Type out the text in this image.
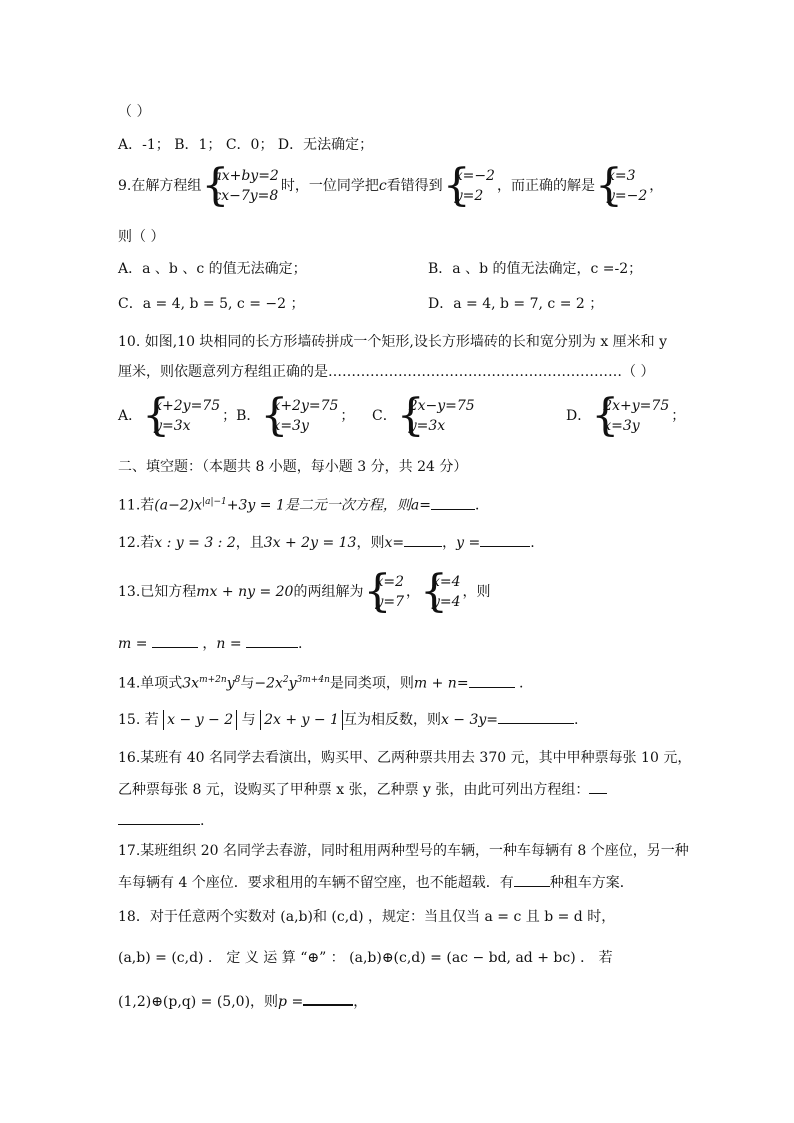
（ ）
A．-1； B．1； C．0； D．无法确定；
9.在解方程组
{ ax+by=2
cx−7y=8
时，一位同学把c看错得到
{ x=−2
y=2
，而正确的解是
{ x=3
y=−2
，
则（ ）
A．a 、b 、c 的值无法确定；	B．a 、b 的值无法确定，c =-2；
C．a = 4, b = 5, c = −2 ；	D．a = 4, b = 7, c = 2 ；
10. 如图,10 块相同的长方形墙砖拼成一个矩形,设长方形墙砖的长和宽分别为 x 厘米和 y
厘米，则依题意列方程组正确的是………………………………………………………（ ）
A．
{ x+2y=75
y=3x
；B．
{ x+2y=75
x=3y
； C．
{ 2x−y=75
y=3x
D．
{ 2x+y=75
x=3y
；
二、填空题：（本题共 8 小题，每小题 3 分，共 24 分）
11.若$(a-2)x^{|a|-1}+3y = 1$是二元一次方程，则a=	．
12.若x : y = 3 : 2，且3x + 2y = 13，则x=	，y =	.
13.已知方程mx + ny = 20的两组解为
{ x=2
y=7
，
{ x=4
y=4
，则
m =	，n =	.
14.单项式$3x^{m+2n}y^8$与$-2x^2y^{3m+4n}$是同类项，则m + n=	.
15. 若 x − y − 2 与 2x + y − 1 互为相反数，则x − 3y=	.
16.某班有 40 名同学去看演出，购买甲、乙两种票共用去 370 元，其中甲种票每张 10 元，
乙种票每张 8 元，设购买了甲种票 x 张，乙种票 y 张，由此可列出方程组：
.
17.某班组织 20 名同学去春游，同时租用两种型号的车辆，一种车每辆有 8 个座位，另一种
车每辆有 4 个座位．要求租用的车辆不留空座，也不能超载．有	种租车方案．
18．对于任意两个实数对 (a,b)和 (c,d) ，规定：当且仅当 a = c 且 b = d 时，
(a,b) = (c,d) ． 定 义 运 算 “⊕” ： (a,b)⊕(c,d) = (ac − bd, ad + bc) ． 若
(1,2)⊕(p,q) = (5,0)，则p =	，
